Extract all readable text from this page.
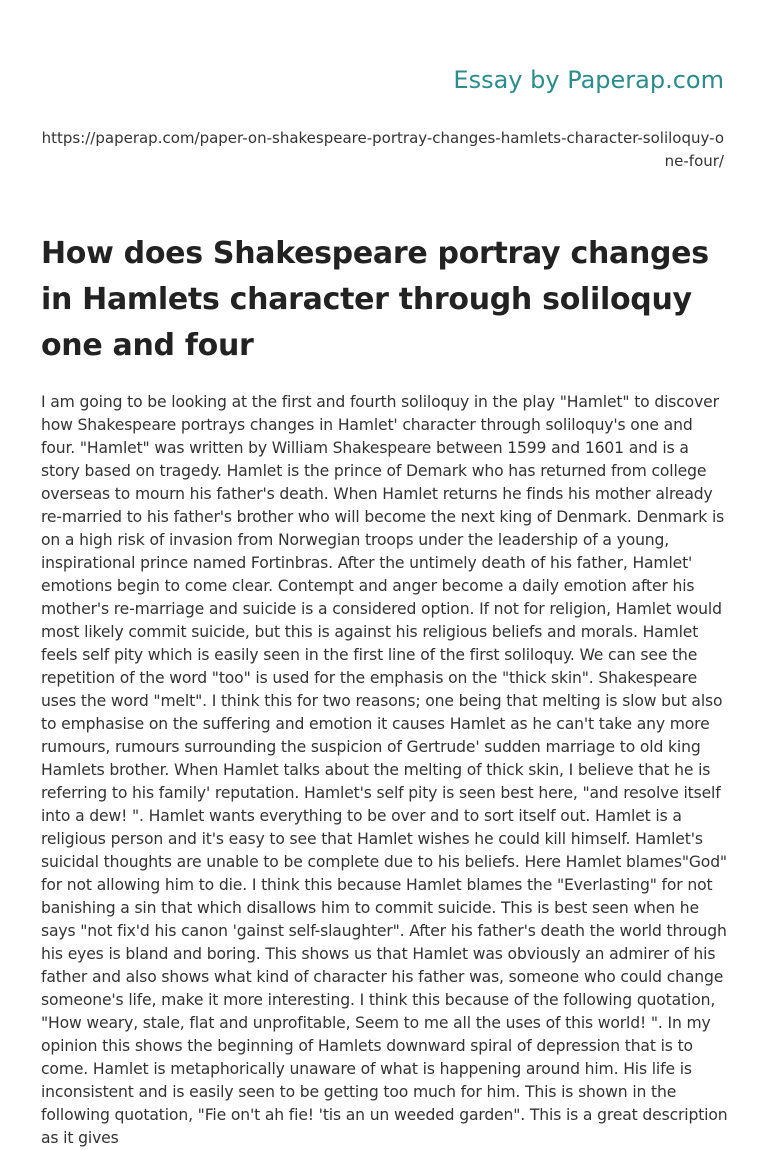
Essay by Paperap.com
https://paperap.com/paper-on-shakespeare-portray-changes-hamlets-character-soliloquy-one-four/
How does Shakespeare portray changes in Hamlets character through soliloquy one and four

I am going to be looking at the first and fourth soliloquy in the play "Hamlet" to discover how Shakespeare portrays changes in Hamlet' character through soliloquy's one and four. "Hamlet" was written by William Shakespeare between 1599 and 1601 and is a story based on tragedy. Hamlet is the prince of Demark who has returned from college overseas to mourn his father's death. When Hamlet returns he finds his mother already re-married to his father's brother who will become the next king of Denmark. Denmark is on a high risk of invasion from Norwegian troops under the leadership of a young, inspirational prince named Fortinbras. After the untimely death of his father, Hamlet' emotions begin to come clear. Contempt and anger become a daily emotion after his mother's re-marriage and suicide is a considered option. If not for religion, Hamlet would most likely commit suicide, but this is against his religious beliefs and morals. Hamlet feels self pity which is easily seen in the first line of the first soliloquy. We can see the repetition of the word "too" is used for the emphasis on the "thick skin". Shakespeare uses the word "melt". I think this for two reasons; one being that melting is slow but also to emphasise on the suffering and emotion it causes Hamlet as he can't take any more rumours, rumours surrounding the suspicion of Gertrude' sudden marriage to old king Hamlets brother. When Hamlet talks about the melting of thick skin, I believe that he is referring to his family' reputation. Hamlet's self pity is seen best here, "and resolve itself into a dew! ". Hamlet wants everything to be over and to sort itself out. Hamlet is a religious person and it's easy to see that Hamlet wishes he could kill himself. Hamlet's suicidal thoughts are unable to be complete due to his beliefs. Here Hamlet blames"God" for not allowing him to die. I think this because Hamlet blames the "Everlasting" for not banishing a sin that which disallows him to commit suicide. This is best seen when he says "not fix'd his canon 'gainst self-slaughter". After his father's death the world through his eyes is bland and boring. This shows us that Hamlet was obviously an admirer of his father and also shows what kind of character his father was, someone who could change someone's life, make it more interesting. I think this because of the following quotation, "How weary, stale, flat and unprofitable, Seem to me all the uses of this world! ". In my opinion this shows the beginning of Hamlets downward spiral of depression that is to come. Hamlet is metaphorically unaware of what is happening around him. His life is inconsistent and is easily seen to be getting too much for him. This is shown in the following quotation, "Fie on't ah fie! 'tis an un weeded garden". This is a great description as it gives
